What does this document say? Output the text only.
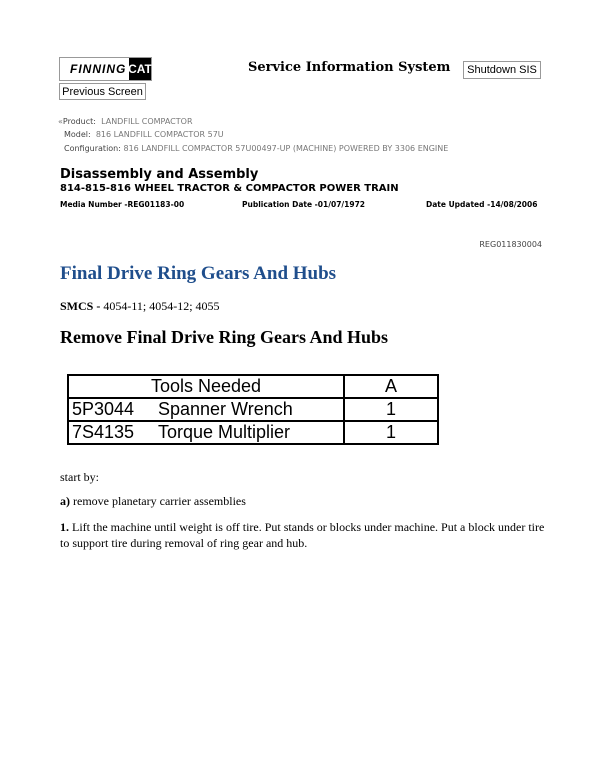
FINNING CAT	Service Information System	Shutdown SIS
Previous Screen
«Product: LANDFILL COMPACTOR
Model: 816 LANDFILL COMPACTOR 57U
Configuration: 816 LANDFILL COMPACTOR 57U00497-UP (MACHINE) POWERED BY 3306 ENGINE
Disassembly and Assembly
814-815-816 WHEEL TRACTOR & COMPACTOR POWER TRAIN
Media Number -REG01183-00	Publication Date -01/07/1972	Date Updated -14/08/2006
REG011830004
Final Drive Ring Gears And Hubs
SMCS - 4054-11; 4054-12; 4055
Remove Final Drive Ring Gears And Hubs
Tools Needed		A
5P3044	Spanner Wrench	1
7S4135	Torque Multiplier	1
start by:
a) remove planetary carrier assemblies
1. Lift the machine until weight is off tire. Put stands or blocks under machine. Put a block under tire to support tire during removal of ring gear and hub.
